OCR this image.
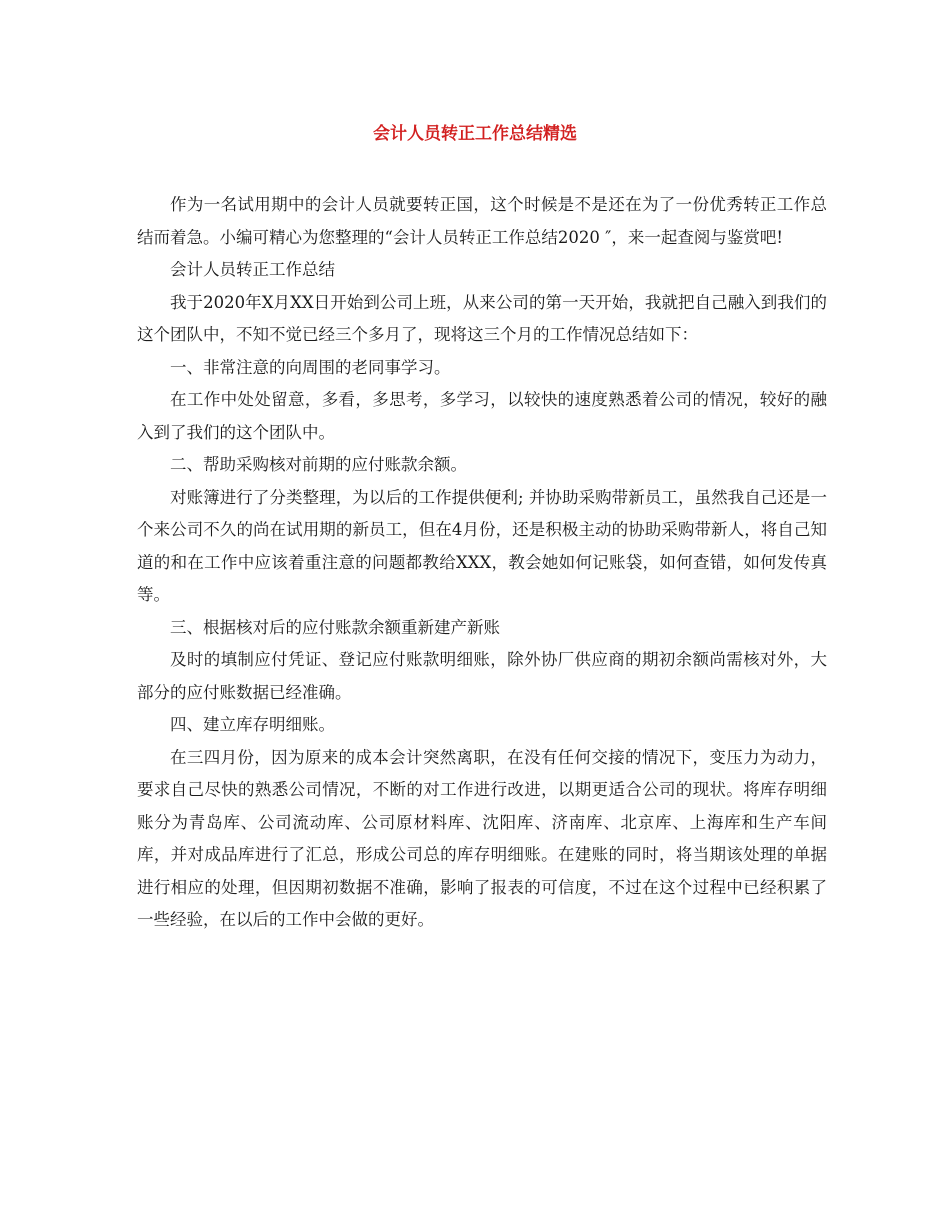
会计人员转正工作总结精选

作为一名试用期中的会计人员就要转正国，这个时候是不是还在为了一份优秀转正工作总结而着急。小编可精心为您整理的“会计人员转正工作总结2020 ″，来一起查阅与鉴赏吧!

会计人员转正工作总结

我于2020年X月XX日开始到公司上班，从来公司的第一天开始，我就把自己融入到我们的这个团队中，不知不觉已经三个多月了，现将这三个月的工作情况总结如下：

一、非常注意的向周围的老同事学习。

在工作中处处留意，多看，多思考，多学习，以较快的速度熟悉着公司的情况，较好的融入到了我们的这个团队中。

二、帮助采购核对前期的应付账款余额。

对账簿进行了分类整理，为以后的工作提供便利; 并协助采购带新员工，虽然我自己还是一个来公司不久的尚在试用期的新员工，但在4月份，还是积极主动的协助采购带新人，将自己知道的和在工作中应该着重注意的问题都教给XXX，教会她如何记账袋，如何查错，如何发传真等。

三、根据核对后的应付账款余额重新建产新账

及时的填制应付凭证、登记应付账款明细账，除外协厂供应商的期初余额尚需核对外，大部分的应付账数据已经准确。

四、建立库存明细账。

在三四月份，因为原来的成本会计突然离职，在没有任何交接的情况下，变压力为动力，要求自己尽快的熟悉公司情况，不断的对工作进行改进，以期更适合公司的现状。将库存明细账分为青岛库、公司流动库、公司原材料库、沈阳库、济南库、北京库、上海库和生产车间库，并对成品库进行了汇总，形成公司总的库存明细账。在建账的同时，将当期该处理的单据进行相应的处理，但因期初数据不准确，影响了报表的可信度，不过在这个过程中已经积累了一些经验，在以后的工作中会做的更好。
